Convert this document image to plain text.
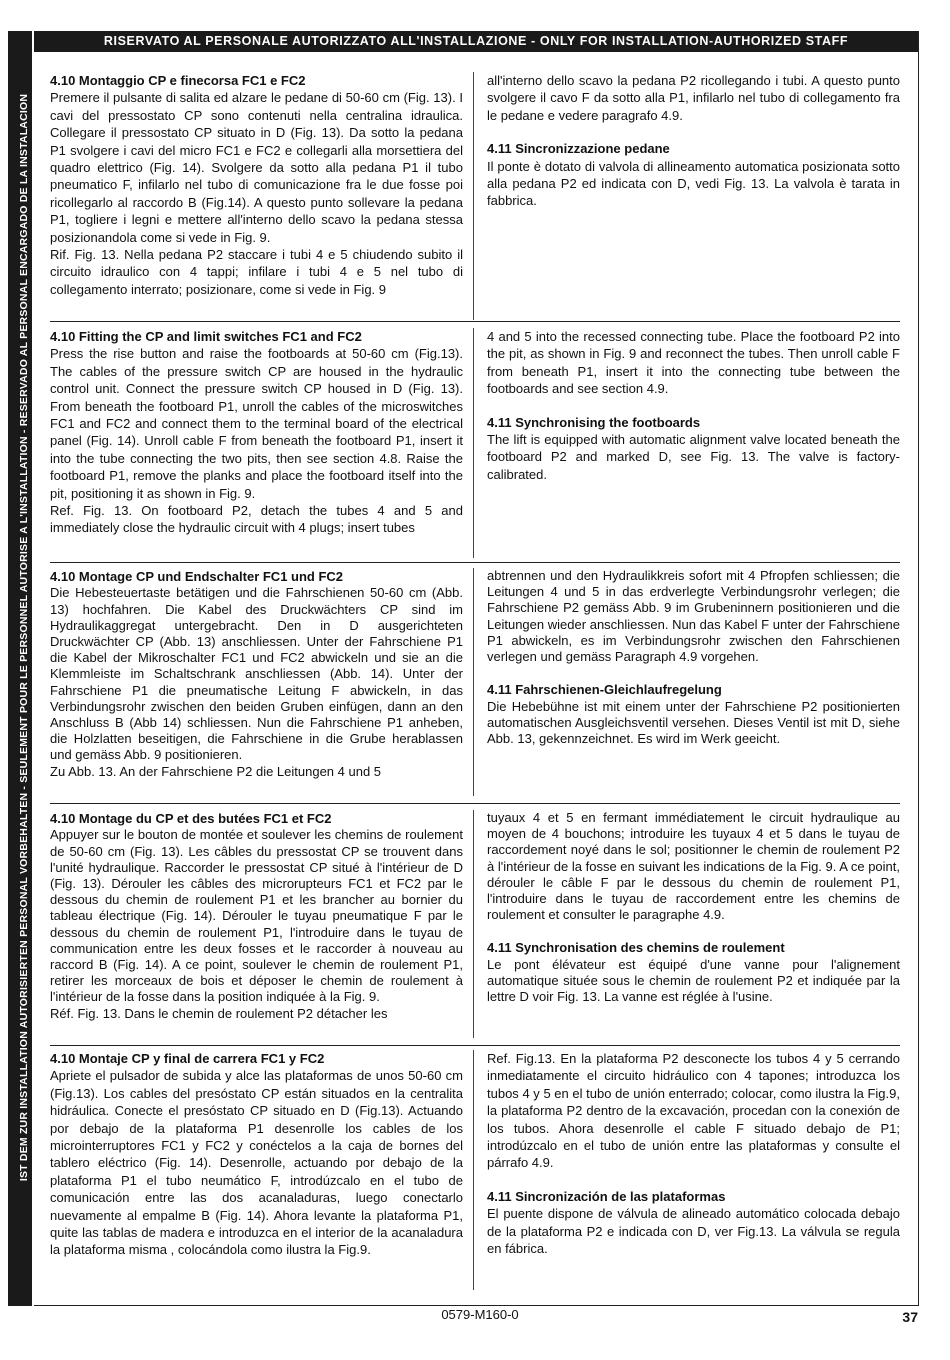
IST DEM ZUR INSTALLATION AUTORISIERTEN PERSONAL VORBEHALTEN - SEULEMENT POUR LE PERSONNEL AUTORISE A L'INSTALLATION - RESERVADO AL PERSONAL ENCARGADO DE LA INSTALACION
RISERVATO AL PERSONALE AUTORIZZATO ALL'INSTALLAZIONE - ONLY FOR INSTALLATION-AUTHORIZED STAFF
4.10 Montaggio CP e finecorsa FC1 e FC2

Premere il pulsante di salita ed alzare le pedane di 50-60 cm (Fig. 13). I cavi del pressostato CP sono contenuti nella centralina idraulica. Collegare il pressostato CP situato in D (Fig. 13). Da sotto la pedana P1 svolgere i cavi del micro FC1 e FC2 e collegarli alla morsettiera del quadro elettrico (Fig. 14). Svolgere da sotto alla pedana P1 il tubo pneumatico F, infilarlo nel tubo di comunicazione fra le due fosse poi ricollegarlo al raccordo B (Fig.14). A questo punto sollevare la pedana P1, togliere i legni e mettere all'interno dello scavo la pedana stessa posizionandola come si vede in Fig. 9.

Rif. Fig. 13. Nella pedana P2 staccare i tubi 4 e 5 chiudendo subito il circuito idraulico con 4 tappi; infilare i tubi 4 e 5 nel tubo di collegamento interrato; posizionare, come si vede in Fig. 9

all'interno dello scavo la pedana P2 ricollegando i tubi. A questo punto svolgere il cavo F da sotto alla P1, infilarlo nel tubo di collegamento fra le pedane e vedere paragrafo 4.9.

4.11 Sincronizzazione pedane

Il ponte è dotato di valvola di allineamento automatica posizionata sotto alla pedana P2 ed indicata con D, vedi Fig. 13. La valvola è tarata in fabbrica.

4.10 Fitting the CP and limit switches FC1 and FC2

Press the rise button and raise the footboards at 50-60 cm (Fig.13). The cables of the pressure switch CP are housed in the hydraulic control unit. Connect the pressure switch CP housed in D (Fig. 13). From beneath the footboard P1, unroll the cables of the microswitches FC1 and FC2 and connect them to the terminal board of the electrical panel (Fig. 14). Unroll cable F from beneath the footboard P1, insert it into the tube connecting the two pits, then see section 4.8. Raise the footboard P1, remove the planks and place the footboard itself into the pit, positioning it as shown in Fig. 9.

Ref. Fig. 13. On footboard P2, detach the tubes 4 and 5 and immediately close the hydraulic circuit with 4 plugs; insert tubes

4 and 5 into the recessed connecting tube. Place the footboard P2 into the pit, as shown in Fig. 9 and reconnect the tubes. Then unroll cable F from beneath P1, insert it into the connecting tube between the footboards and see section 4.9.

4.11 Synchronising the footboards

The lift is equipped with automatic alignment valve located beneath the footboard P2 and marked D, see Fig. 13. The valve is factory-calibrated.

4.10 Montage CP und Endschalter FC1 und FC2

Die Hebesteuertaste betätigen und die Fahrschienen 50-60 cm (Abb. 13) hochfahren. Die Kabel des Druckwächters CP sind im Hydraulikaggregat untergebracht. Den in D ausgerichteten Druckwächter CP (Abb. 13) anschliessen. Unter der Fahrschiene P1 die Kabel der Mikroschalter FC1 und FC2 abwickeln und sie an die Klemmleiste im Schaltschrank anschliessen (Abb. 14). Unter der Fahrschiene P1 die pneumatische Leitung F abwickeln, in das Verbindungsrohr zwischen den beiden Gruben einfügen, dann an den Anschluss B (Abb 14) schliessen. Nun die Fahrschiene P1 anheben, die Holzlatten beseitigen, die Fahrschiene in die Grube herablassen und gemäss Abb. 9 positionieren.

Zu Abb. 13. An der Fahrschiene P2 die Leitungen 4 und 5

abtrennen und den Hydraulikkreis sofort mit 4 Pfropfen schliessen; die Leitungen 4 und 5 in das erdverlegte Verbindungsrohr verlegen; die Fahrschiene P2 gemäss Abb. 9 im Grubeninnern positionieren und die Leitungen wieder anschliessen. Nun das Kabel F unter der Fahrschiene P1 abwickeln, es im Verbindungsrohr zwischen den Fahrschienen verlegen und gemäss Paragraph 4.9 vorgehen.

4.11 Fahrschienen-Gleichlaufregelung

Die Hebebühne ist mit einem unter der Fahrschiene P2 positionierten automatischen Ausgleichsventil versehen. Dieses Ventil ist mit D, siehe Abb. 13, gekennzeichnet. Es wird im Werk geeicht.

4.10 Montage du CP et des butées FC1 et FC2

Appuyer sur le bouton de montée et soulever les chemins de roulement de 50-60 cm (Fig. 13). Les câbles du pressostat CP se trouvent dans l'unité hydraulique. Raccorder le pressostat CP situé à l'intérieur de D (Fig. 13). Dérouler les câbles des microrupteurs FC1 et FC2 par le dessous du chemin de roulement P1 et les brancher au bornier du tableau électrique (Fig. 14). Dérouler le tuyau pneumatique F par le dessous du chemin de roulement P1, l'introduire dans le tuyau de communication entre les deux fosses et le raccorder à nouveau au raccord B (Fig. 14). A ce point, soulever le chemin de roulement P1, retirer les morceaux de bois et déposer le chemin de roulement à l'intérieur de la fosse dans la position indiquée à la Fig. 9.

Réf. Fig. 13. Dans le chemin de roulement P2 détacher les

tuyaux 4 et 5 en fermant immédiatement le circuit hydraulique au moyen de 4 bouchons; introduire les tuyaux 4 et 5 dans le tuyau de raccordement noyé dans le sol; positionner le chemin de roulement P2 à l'intérieur de la fosse en suivant les indications de la Fig. 9. A ce point, dérouler le câble F par le dessous du chemin de roulement P1, l'introduire dans le tuyau de raccordement entre les chemins de roulement et consulter le paragraphe 4.9.

4.11 Synchronisation des chemins de roulement

Le pont élévateur est équipé d'une vanne pour l'alignement automatique située sous le chemin de roulement P2 et indiquée par la lettre D voir Fig. 13. La vanne est réglée à l'usine.

4.10 Montaje CP y final de carrera FC1 y FC2

Apriete el pulsador de subida y alce las plataformas de unos 50-60 cm (Fig.13). Los cables del presóstato CP están situados en la centralita hidráulica. Conecte el presóstato CP situado en D (Fig.13). Actuando por debajo de la plataforma P1 desenrolle los cables de los microinterruptores FC1 y FC2 y conéctelos a la caja de bornes del tablero eléctrico (Fig. 14). Desenrolle, actuando por debajo de la plataforma P1 el tubo neumático F, introdúzcalo en el tubo de comunicación entre las dos acanaladuras, luego conectarlo nuevamente al empalme B (Fig. 14). Ahora levante la plataforma P1, quite las tablas de madera e introduzca en el interior de la acanaladura la plataforma misma , colocándola como ilustra la Fig.9.

Ref. Fig.13. En la plataforma P2 desconecte los tubos 4 y 5 cerrando inmediatamente el circuito hidráulico con 4 tapones; introduzca los tubos 4 y 5 en el tubo de unión enterrado; colocar, como ilustra la Fig.9, la plataforma P2 dentro de la excavación, procedan con la conexión de los tubos. Ahora desenrolle el cable F situado debajo de P1; introdúzcalo en el tubo de unión entre las plataformas y consulte el párrafo 4.9.

4.11 Sincronización de las plataformas

El puente dispone de válvula de alineado automático colocada debajo de la plataforma P2 e indicada con D, ver Fig.13. La válvula se regula en fábrica.

0579-M160-0	37
